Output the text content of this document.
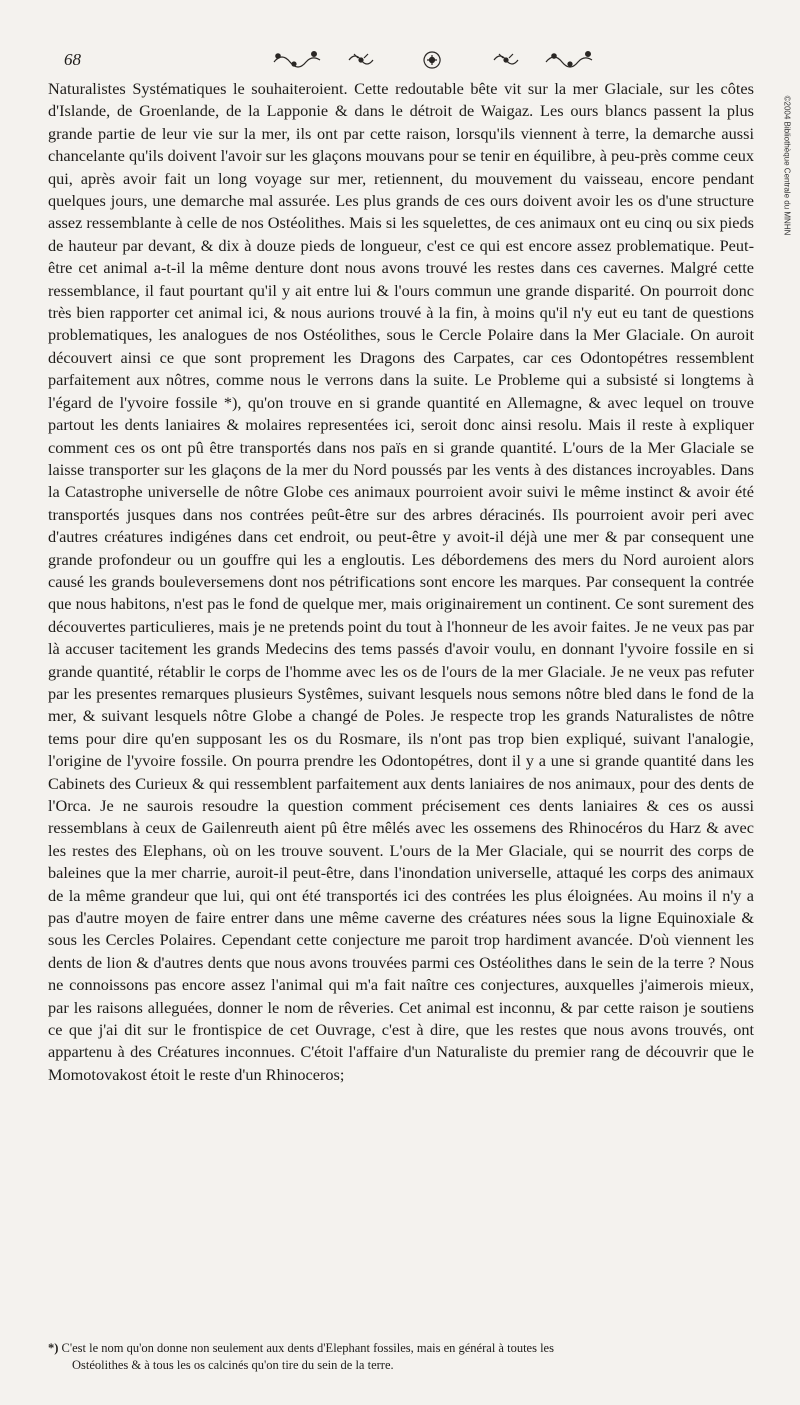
©2004 Bibliothèque Centrale du MNHN
68

Naturalistes Systématiques le souhaiteroient. Cette redoutable bête vit sur la mer Glaciale, sur les côtes d'Islande, de Groenlande, de la Lapponie & dans le détroit de Waigaz. Les ours blancs passent la plus grande partie de leur vie sur la mer, ils ont par cette raison, lorsqu'ils viennent à terre, la demarche aussi chancelante qu'ils doivent l'avoir sur les glaçons mouvans pour se tenir en équilibre, à peu-près comme ceux qui, après avoir fait un long voyage sur mer, retiennent, du mouvement du vaisseau, encore pendant quelques jours, une demarche mal assurée. Les plus grands de ces ours doivent avoir les os d'une structure assez ressemblante à celle de nos Ostéolithes. Mais si les squelettes, de ces animaux ont eu cinq ou six pieds de hauteur par devant, & dix à douze pieds de longueur, c'est ce qui est encore assez problematique. Peut-être cet animal a-t-il la même denture dont nous avons trouvé les restes dans ces cavernes. Malgré cette ressemblance, il faut pourtant qu'il y ait entre lui & l'ours commun une grande disparité. On pourroit donc très bien rapporter cet animal ici, & nous aurions trouvé à la fin, à moins qu'il n'y eut eu tant de questions problematiques, les analogues de nos Ostéolithes, sous le Cercle Polaire dans la Mer Glaciale. On auroit découvert ainsi ce que sont proprement les Dragons des Carpates, car ces Odontopétres ressemblent parfaitement aux nôtres, comme nous le verrons dans la suite. Le Probleme qui a subsisté si longtems à l'égard de l'yvoire fossile *), qu'on trouve en si grande quantité en Allemagne, & avec lequel on trouve partout les dents laniaires & molaires representées ici, seroit donc ainsi resolu. Mais il reste à expliquer comment ces os ont pû être transportés dans nos païs en si grande quantité. L'ours de la Mer Glaciale se laisse transporter sur les glaçons de la mer du Nord poussés par les vents à des distances incroyables. Dans la Catastrophe universelle de nôtre Globe ces animaux pourroient avoir suivi le même instinct & avoir été transportés jusques dans nos contrées peût-être sur des arbres déracinés. Ils pourroient avoir peri avec d'autres créatures indigénes dans cet endroit, ou peut-être y avoit-il déjà une mer & par consequent une grande profondeur ou un gouffre qui les a engloutis. Les débordemens des mers du Nord auroient alors causé les grands bouleversemens dont nos pétrifications sont encore les marques. Par consequent la contrée que nous habitons, n'est pas le fond de quelque mer, mais originairement un continent. Ce sont surement des découvertes particulieres, mais je ne pretends point du tout à l'honneur de les avoir faites. Je ne veux pas par là accuser tacitement les grands Medecins des tems passés d'avoir voulu, en donnant l'yvoire fossile en si grande quantité, rétablir le corps de l'homme avec les os de l'ours de la mer Glaciale. Je ne veux pas refuter par les presentes remarques plusieurs Systêmes, suivant lesquels nous semons nôtre bled dans le fond de la mer, & suivant lesquels nôtre Globe a changé de Poles. Je respecte trop les grands Naturalistes de nôtre tems pour dire qu'en supposant les os du Rosmare, ils n'ont pas trop bien expliqué, suivant l'analogie, l'origine de l'yvoire fossile. On pourra prendre les Odontopétres, dont il y a une si grande quantité dans les Cabinets des Curieux & qui ressemblent parfaitement aux dents laniaires de nos animaux, pour des dents de l'Orca. Je ne saurois resoudre la question comment précisement ces dents laniaires & ces os aussi ressemblans à ceux de Gailenreuth aient pû être mêlés avec les ossemens des Rhinocéros du Harz & avec les restes des Elephans, où on les trouve souvent. L'ours de la Mer Glaciale, qui se nourrit des corps de baleines que la mer charrie, auroit-il peut-être, dans l'inondation universelle, attaqué les corps des animaux de la même grandeur que lui, qui ont été transportés ici des contrées les plus éloignées. Au moins il n'y a pas d'autre moyen de faire entrer dans une même caverne des créatures nées sous la ligne Equinoxiale & sous les Cercles Polaires. Cependant cette conjecture me paroit trop hardiment avancée. D'où viennent les dents de lion & d'autres dents que nous avons trouvées parmi ces Ostéolithes dans le sein de la terre ? Nous ne connoissons pas encore assez l'animal qui m'a fait naître ces conjectures, auxquelles j'aimerois mieux, par les raisons alleguées, donner le nom de rêveries. Cet animal est inconnu, & par cette raison je soutiens ce que j'ai dit sur le frontispice de cet Ouvrage, c'est à dire, que les restes que nous avons trouvés, ont appartenu à des Créatures inconnues. C'étoit l'affaire d'un Naturaliste du premier rang de découvrir que le Momotovakost étoit le reste d'un Rhinoceros;

*) C'est le nom qu'on donne non seulement aux dents d'Elephant fossiles, mais en général à toutes les
Ostéolithes & à tous les os calcinés qu'on tire du sein de la terre.
